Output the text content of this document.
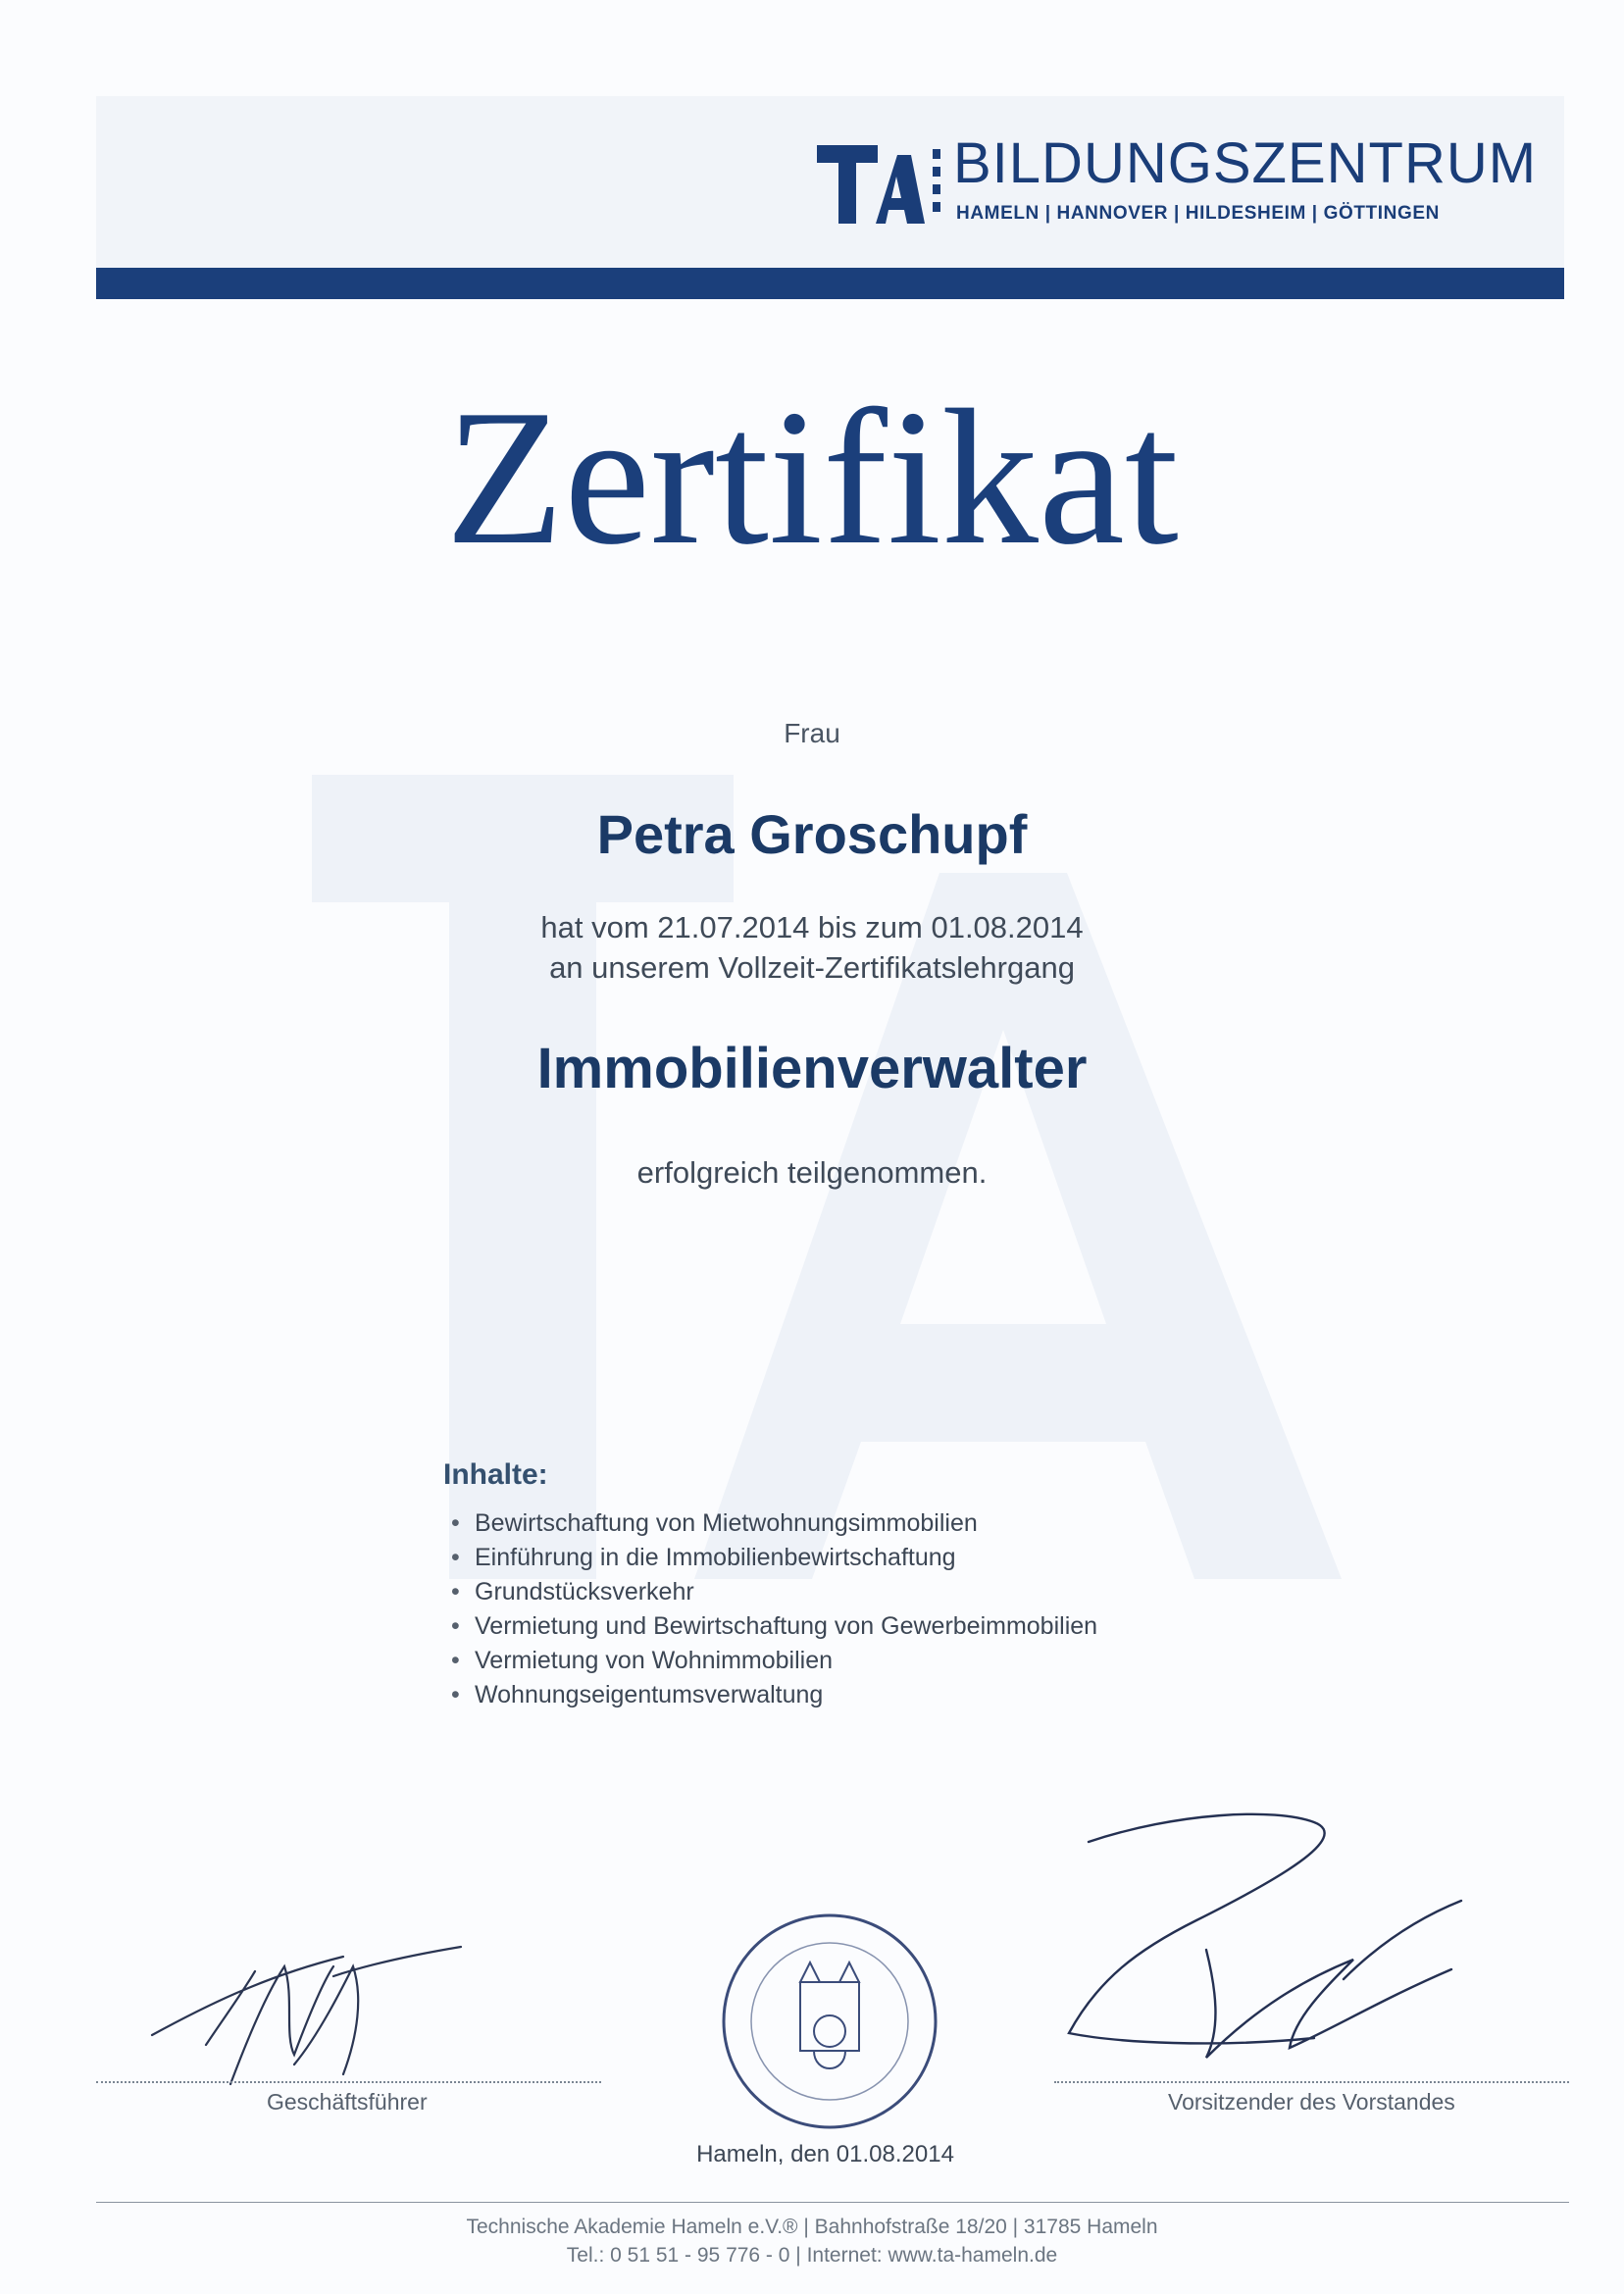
BILDUNGSZENTRUM
HAMELN | HANNOVER | HILDESHEIM | GÖTTINGEN
Zertifikat
Frau
Petra Groschupf
hat vom 21.07.2014 bis zum 01.08.2014
an unserem Vollzeit-Zertifikatslehrgang
Immobilienverwalter
erfolgreich teilgenommen.
Inhalte:
• Bewirtschaftung von Mietwohnungsimmobilien
• Einführung in die Immobilienbewirtschaftung
• Grundstücksverkehr
• Vermietung und Bewirtschaftung von Gewerbeimmobilien
• Vermietung von Wohnimmobilien
• Wohnungseigentumsverwaltung
Geschäftsführer	Vorsitzender des Vorstandes
Hameln, den 01.08.2014
Technische Akademie Hameln e.V.® | Bahnhofstraße 18/20 | 31785 Hameln
Tel.: 0 51 51 - 95 776 - 0 | Internet: www.ta-hameln.de
